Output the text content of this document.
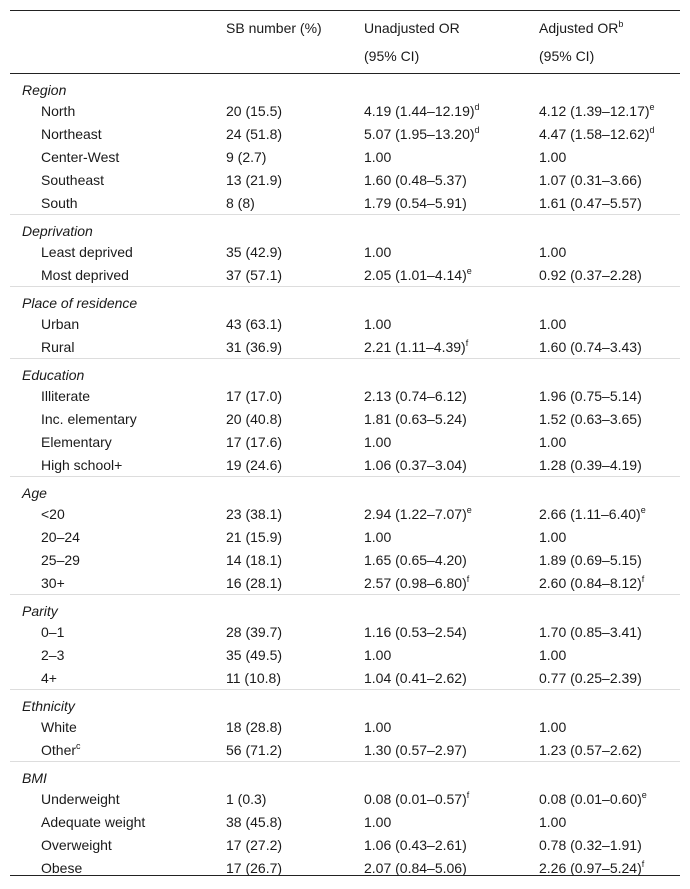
	SB number (%)	Unadjusted OR	Adjusted $OR^b$
		(95% CI)	(95% CI)
Region			
North	20 (15.5)	4.19 $(1.44-12.19)^d$	4.12 $(1.39-12.17)^e$
Northeast	24 (51.8)	5.07 $(1.95-13.20)^d$	4.47 $(1.58-12.62)^d$
Center-West	9 (2.7)	1.00	1.00
Southeast	13 (21.9)	1.60 (0.48–5.37)	1.07 (0.31–3.66)
South	8 (8)	1.79 (0.54–5.91)	1.61 (0.47–5.57)
Deprivation			
Least deprived	35 (42.9)	1.00	1.00
Most deprived	37 (57.1)	2.05 $(1.01-4.14)^e$	0.92 (0.37–2.28)
Place of residence			
Urban	43 (63.1)	1.00	1.00
Rural	31 (36.9)	2.21 $(1.11-4.39)^f$	1.60 (0.74–3.43)
Education			
Illiterate	17 (17.0)	2.13 (0.74–6.12)	1.96 (0.75–5.14)
Inc. elementary	20 (40.8)	1.81 (0.63–5.24)	1.52 (0.63–3.65)
Elementary	17 (17.6)	1.00	1.00
High school+	19 (24.6)	1.06 (0.37–3.04)	1.28 (0.39–4.19)
Age			
<20	23 (38.1)	2.94 $(1.22-7.07)^e$	2.66 $(1.11-6.40)^e$
20–24	21 (15.9)	1.00	1.00
25–29	14 (18.1)	1.65 (0.65–4.20)	1.89 (0.69–5.15)
30+	16 (28.1)	2.57 $(0.98-6.80)^f$	2.60 $(0.84-8.12)^f$
Parity			
0–1	28 (39.7)	1.16 (0.53–2.54)	1.70 (0.85–3.41)
2–3	35 (49.5)	1.00	1.00
4+	11 (10.8)	1.04 (0.41–2.62)	0.77 (0.25–2.39)
Ethnicity			
White	18 (28.8)	1.00	1.00
Other$^c$	56 (71.2)	1.30 (0.57–2.97)	1.23 (0.57–2.62)
BMI			
Underweight	1 (0.3)	0.08 $(0.01-0.57)^f$	0.08 $(0.01-0.60)^e$
Adequate weight	38 (45.8)	1.00	1.00
Overweight	17 (27.2)	1.06 (0.43–2.61)	0.78 (0.32–1.91)
Obese	17 (26.7)	2.07 (0.84–5.06)	2.26 $(0.97-5.24)^f$
